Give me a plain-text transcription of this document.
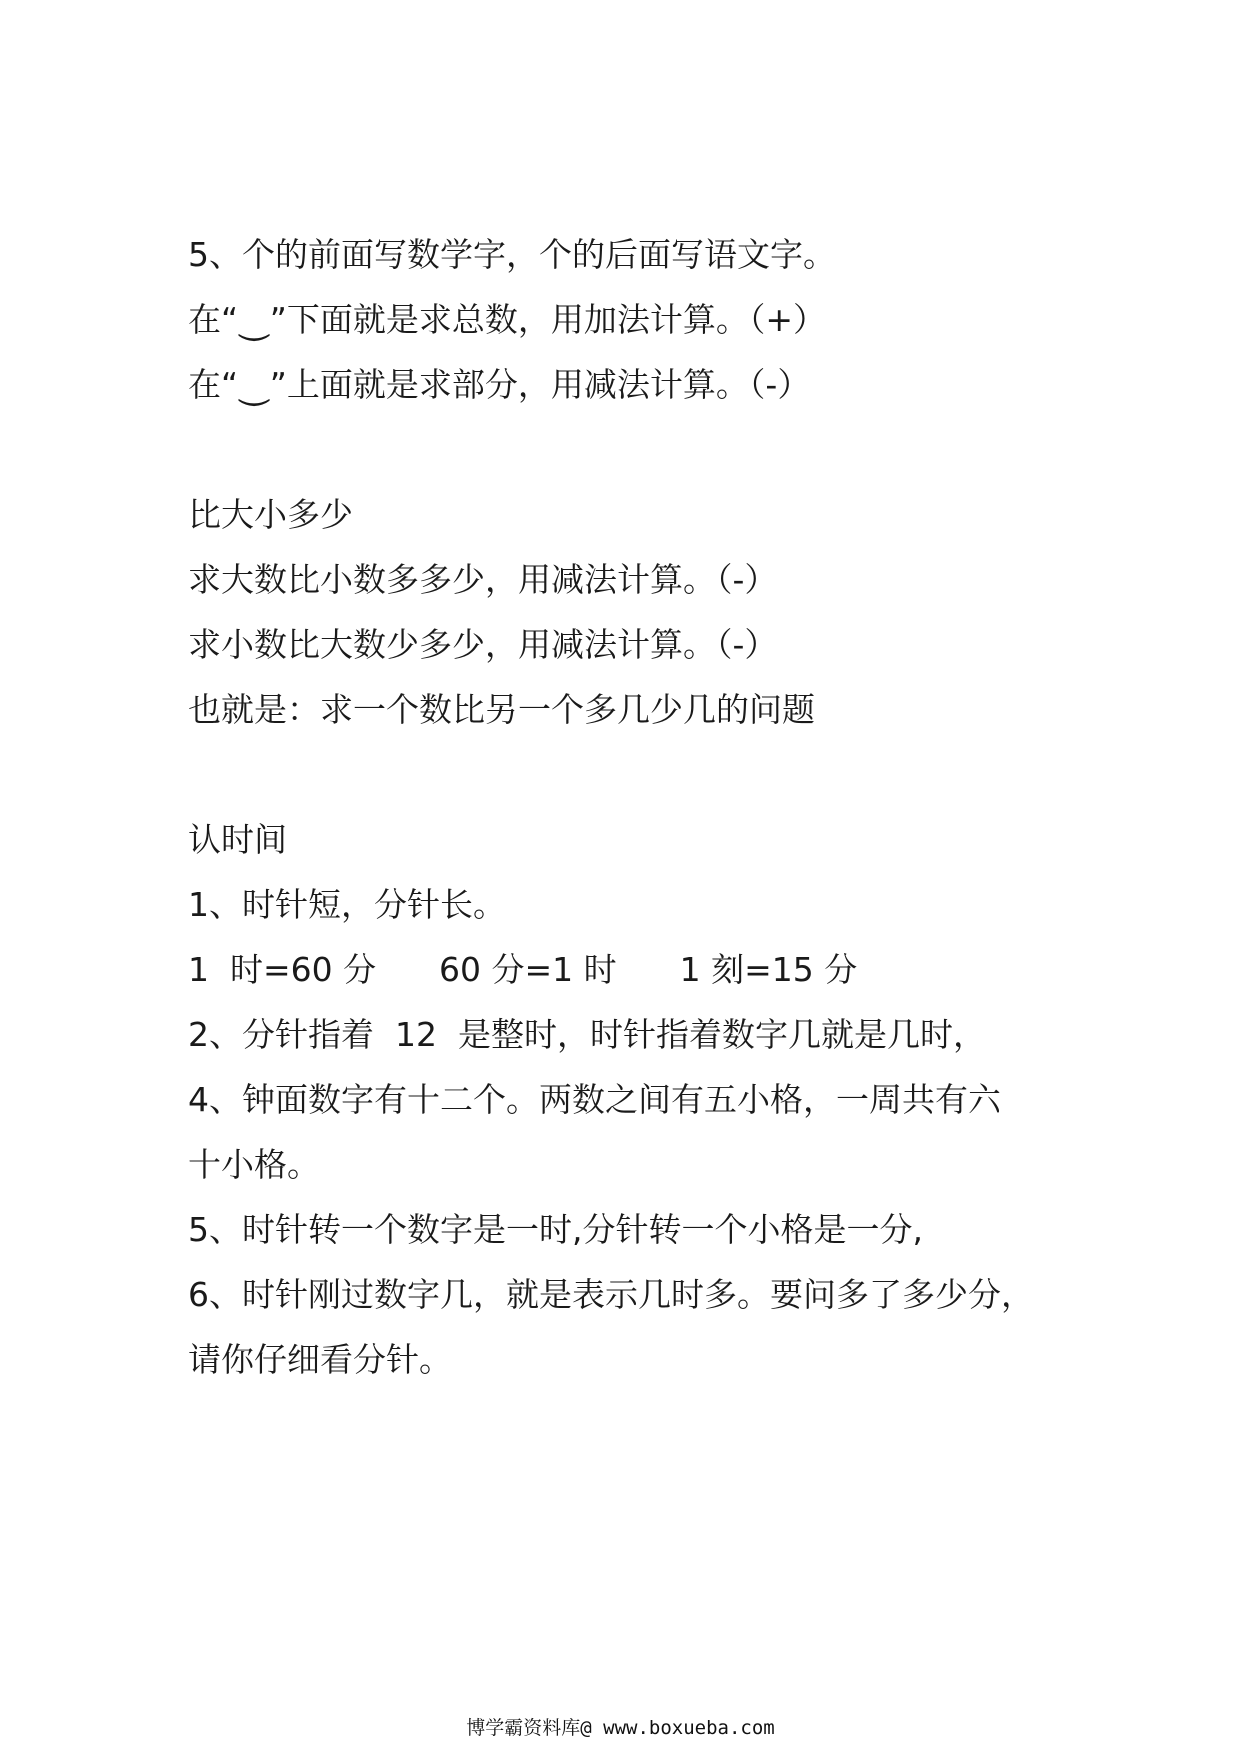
5、个的前面写数学字，个的后面写语文字。

在“⏝”下面就是求总数，用加法计算。（+）

在“⏝”上面就是求部分，用减法计算。（-）

比大小多少

求大数比小数多多少，用减法计算。（-）

求小数比大数少多少，用减法计算。（-）

也就是：求一个数比另一个多几少几的问题

认时间

1、时针短，分针长。

1  时=60 分      60 分=1 时      1 刻=15 分

2、分针指着  12  是整时，时针指着数字几就是几时，

4、钟面数字有十二个。两数之间有五小格，一周共有六

十小格。

5、时针转一个数字是一时,分针转一个小格是一分,

6、时针刚过数字几，就是表示几时多。要问多了多少分，

请你仔细看分针。

博学霸资料库@ www.boxueba.com
